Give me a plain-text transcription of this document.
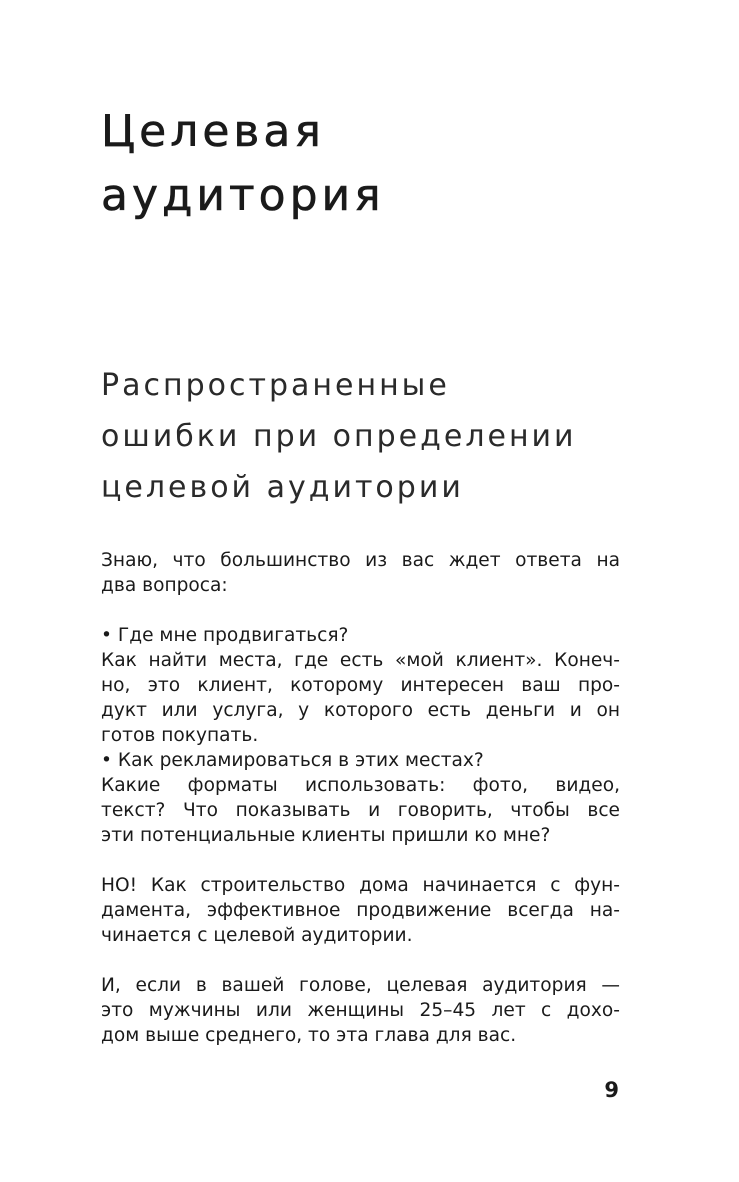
Целевая
аудитория
Распространенные
ошибки при определении
целевой аудитории
Знаю, что большинство из вас ждет ответа на
два вопроса:
• Где мне продвигаться?
Как найти места, где есть «мой клиент». Конеч-
но, это клиент, которому интересен ваш про-
дукт или услуга, у которого есть деньги и он
готов покупать.
• Как рекламироваться в этих местах?
Какие форматы использовать: фото, видео,
текст? Что показывать и говорить, чтобы все
эти потенциальные клиенты пришли ко мне?
НО! Как строительство дома начинается с фун-
дамента, эффективное продвижение всегда на-
чинается с целевой аудитории.
И, если в вашей голове, целевая аудитория —
это мужчины или женщины 25–45 лет с дохо-
дом выше среднего, то эта глава для вас.
9
